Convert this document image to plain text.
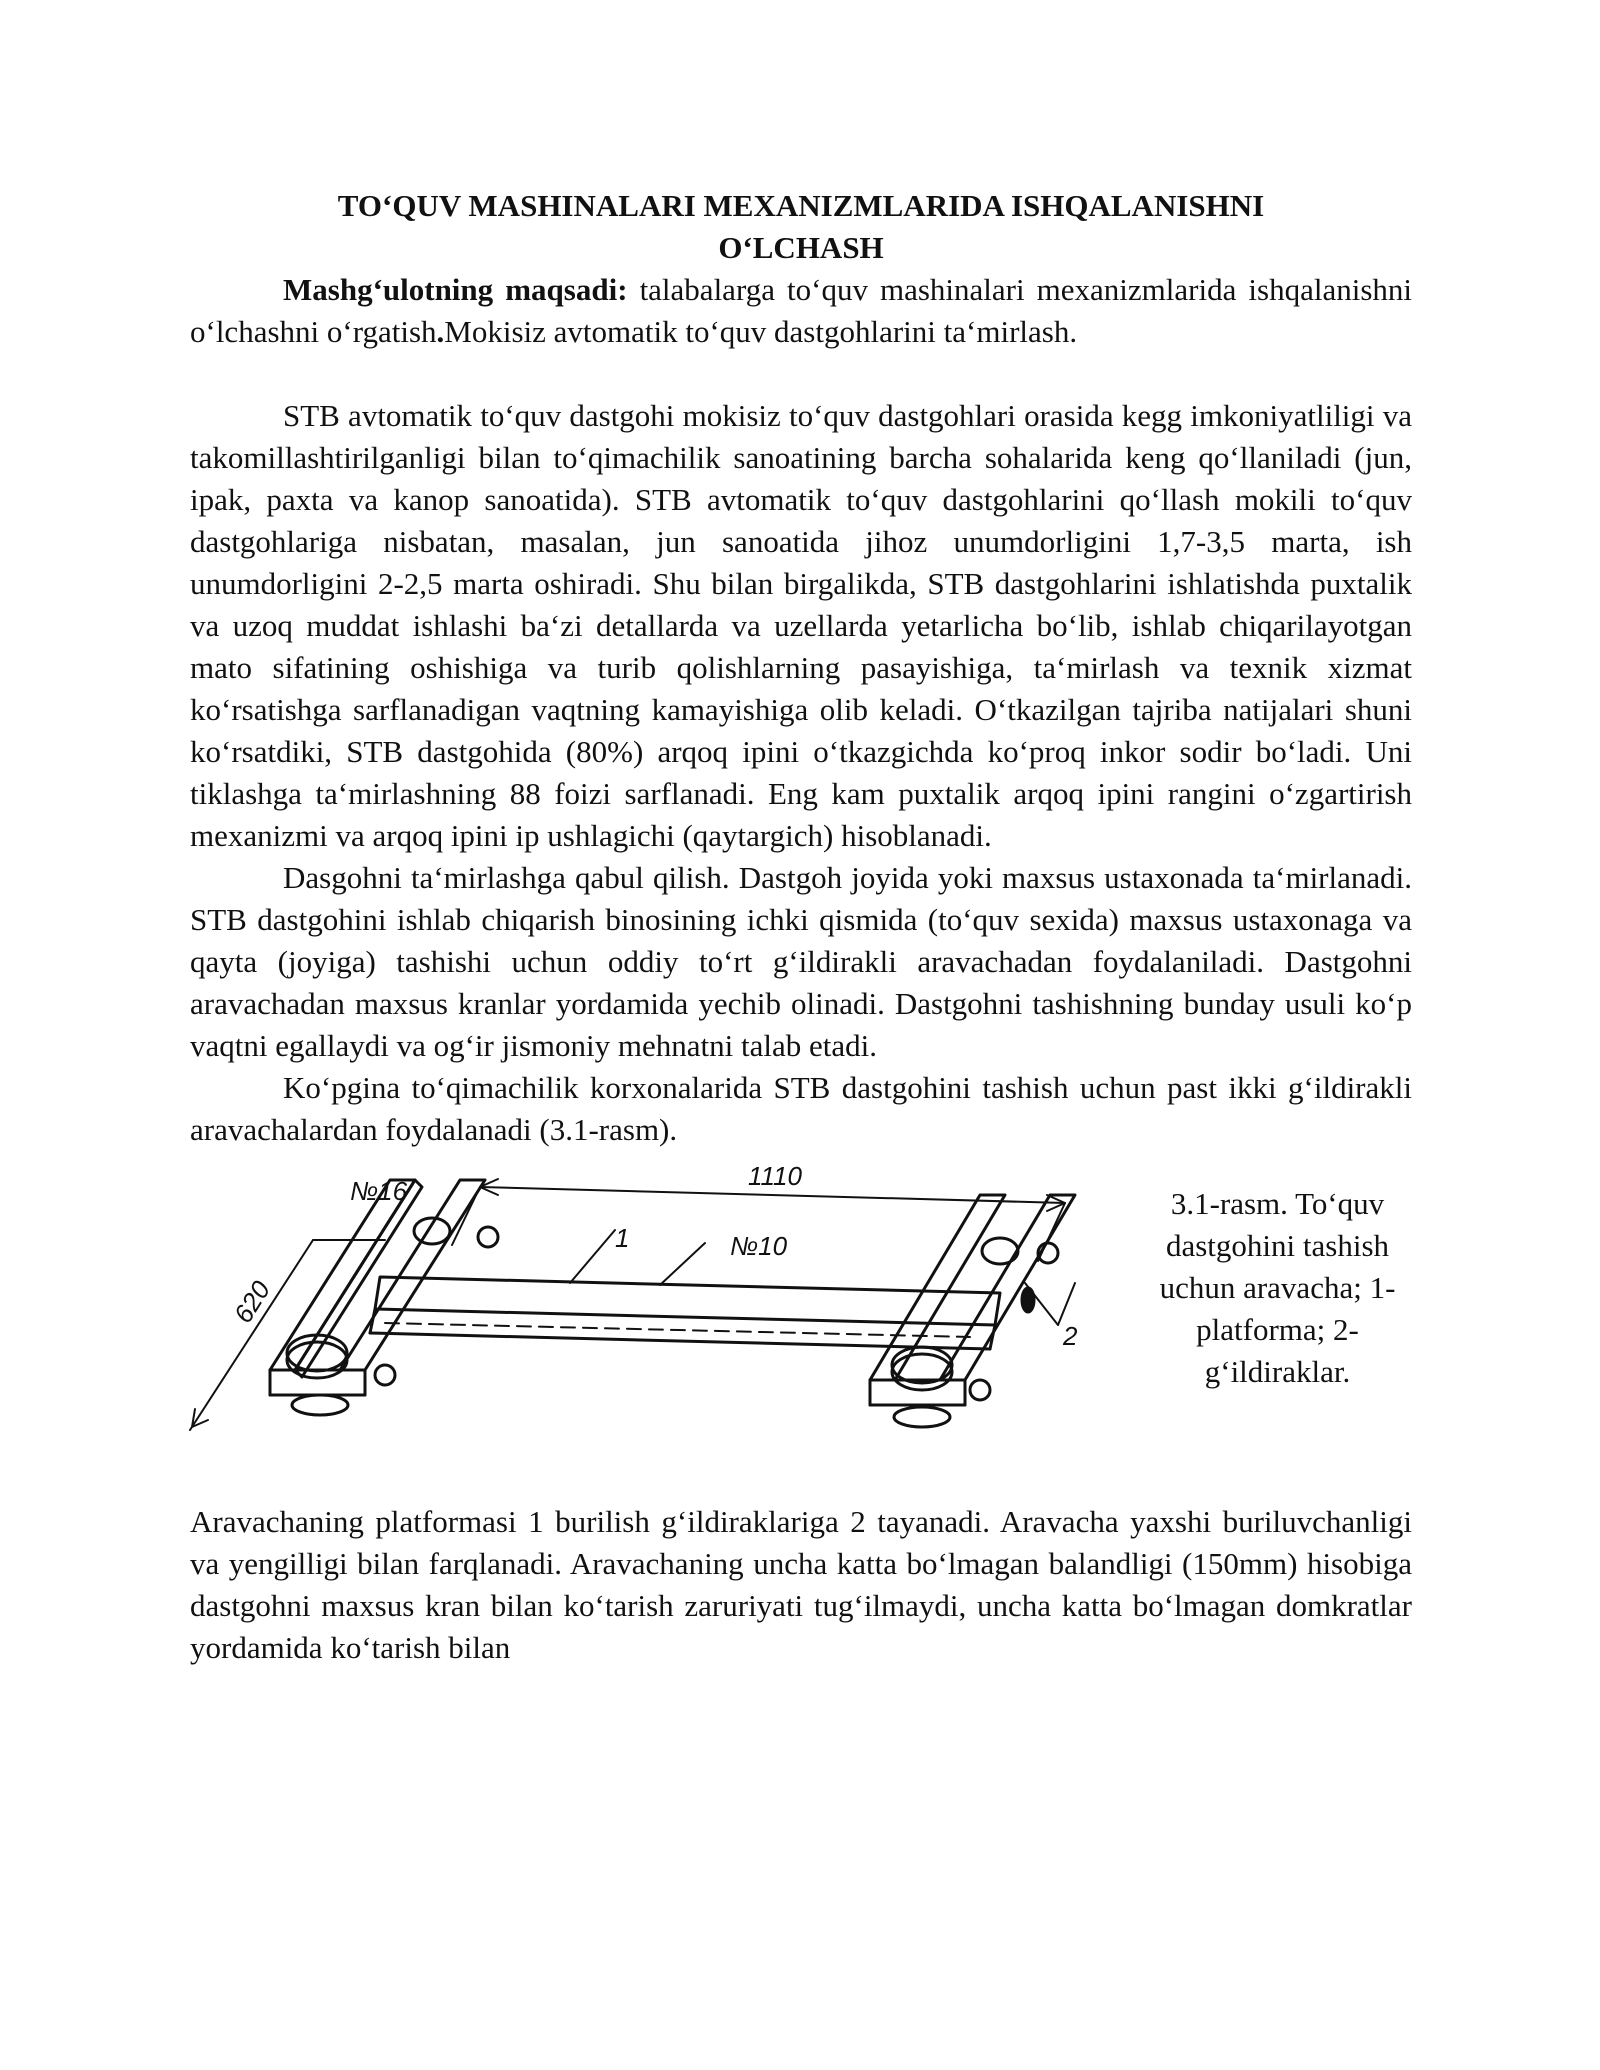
TO‘QUV MASHINALARI MEXANIZMLARIDA ISHQALANISHNI
O‘LCHASH

Mashg‘ulotning maqsadi: talabalarga to‘quv mashinalari mexanizmlarida ishqalanishni o‘lchashni o‘rgatish.Mokisiz avtomatik to‘quv dastgohlarini ta‘mirlash.

STB avtomatik to‘quv dastgohi mokisiz to‘quv dastgohlari orasida kegg imkoniyatliligi va takomillashtirilganligi bilan to‘qimachilik sanoatining barcha sohalarida keng qo‘llaniladi (jun, ipak, paxta va kanop sanoatida). STB avtomatik to‘quv dastgohlarini qo‘llash mokili to‘quv dastgohlariga nisbatan, masalan, jun sanoatida jihoz unumdorligini 1,7-3,5 marta, ish unumdorligini 2-2,5 marta oshiradi. Shu bilan birgalikda, STB dastgohlarini ishlatishda puxtalik va uzoq muddat ishlashi ba‘zi detallarda va uzellarda yetarlicha bo‘lib, ishlab chiqarilayotgan mato sifatining oshishiga va turib qolishlarning pasayishiga, ta‘mirlash va texnik xizmat ko‘rsatishga sarflanadigan vaqtning kamayishiga olib keladi. O‘tkazilgan tajriba natijalari shuni ko‘rsatdiki, STB dastgohida (80%) arqoq ipini o‘tkazgichda ko‘proq inkor sodir bo‘ladi. Uni tiklashga ta‘mirlashning 88 foizi sarflanadi. Eng kam puxtalik arqoq ipini rangini o‘zgartirish mexanizmi va arqoq ipini ip ushlagichi (qaytargich) hisoblanadi.

Dasgohni ta‘mirlashga qabul qilish. Dastgoh joyida yoki maxsus ustaxonada ta‘mirlanadi. STB dastgohini ishlab chiqarish binosining ichki qismida (to‘quv sexida) maxsus ustaxonaga va qayta (joyiga) tashishi uchun oddiy to‘rt g‘ildirakli aravachadan foydalaniladi. Dastgohni aravachadan maxsus kranlar yordamida yechib olinadi. Dastgohni tashishning bunday usuli ko‘p vaqtni egallaydi va og‘ir jismoniy mehnatni talab etadi.

Ko‘pgina to‘qimachilik korxonalarida STB dastgohini tashish uchun past ikki g‘ildirakli aravachalardan foydalanadi (3.1-rasm).

№16	1110
620
1	№10
2

3.1-rasm. To‘quv dastgohini tashish uchun aravacha; 1-platforma; 2-g‘ildiraklar.

Aravachaning platformasi 1 burilish g‘ildiraklariga 2 tayanadi. Aravacha yaxshi buriluvchanligi va yengilligi bilan farqlanadi. Aravachaning uncha katta bo‘lmagan balandligi (150mm) hisobiga dastgohni maxsus kran bilan ko‘tarish zaruriyati tug‘ilmaydi, uncha katta bo‘lmagan domkratlar yordamida ko‘tarish bilan
